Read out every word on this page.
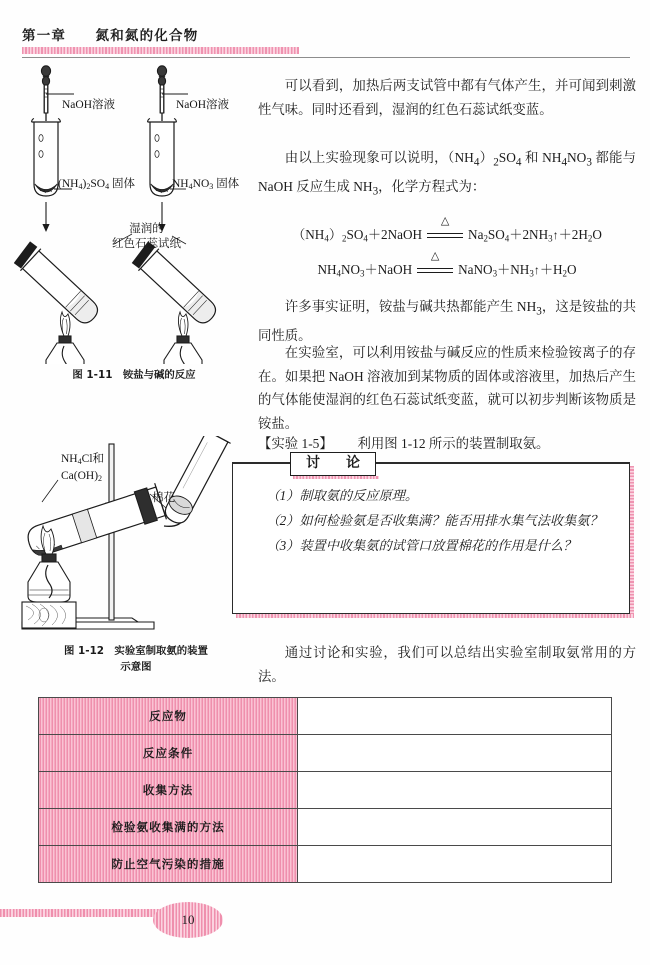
第一章　　氮和氮的化合物
NaOH溶液	NaOH溶液
$(NH_4)_2SO_4$ 固体	$NH_4NO_3$ 固体
湿润的
红色石蕊试纸
图 1-11　铵盐与碱的反应
$NH_4Cl$和
$Ca(OH)_2$
棉花
图 1-12　实验室制取氨的装置
示意图

可以看到，加热后两支试管中都有气体产生，并可闻到刺激性气味。同时还看到，湿润的红色石蕊试纸变蓝。

由以上实验现象可以说明，$(NH_4)_2SO_4$ 和 $NH_4NO_3$ 都能与 NaOH 反应生成 $NH_3$，化学方程式为：

$(NH_4)_2SO_4+2NaOH$
△
$Na_2SO_4+2NH_3↑+2H_2O$
$NH_4NO_3+NaOH$
△
$NaNO_3+NH_3↑+H_2O$

许多事实证明，铵盐与碱共热都能产生 $NH_3$，这是铵盐的共同性质。

在实验室，可以利用铵盐与碱反应的性质来检验铵离子的存在。如果把 NaOH 溶液加到某物质的固体或溶液里，加热后产生的气体能使湿润的红色石蕊试纸变蓝，就可以初步判断该物质是铵盐。

【实验 1-5】 利用图 1-12 所示的装置制取氨。

讨　论

（1）制取氨的反应原理。

（2）如何检验氨是否收集满？能否用排水集气法收集氨？

（3）装置中收集氨的试管口放置棉花的作用是什么？

通过讨论和实验，我们可以总结出实验室制取氨常用的方法。

反应物	
反应条件	
收集方法	
检验氨收集满的方法	
防止空气污染的措施	
10
